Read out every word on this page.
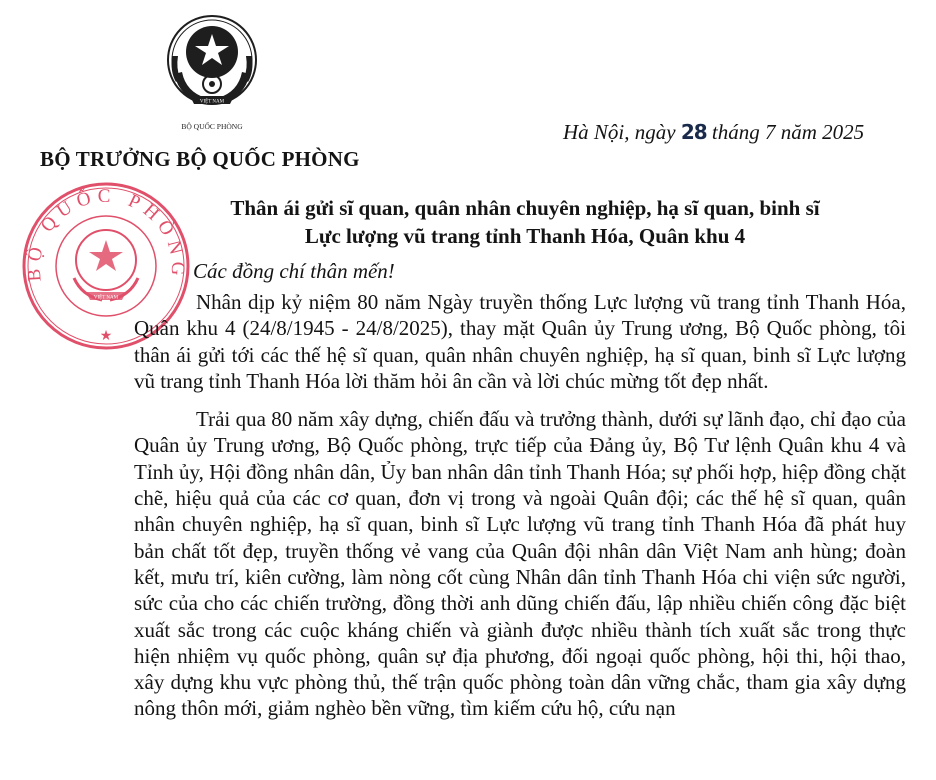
VIỆT NAM
BỘ QUỐC PHÒNG
BỘ QUỐC PHÒNG
★
VIỆT NAM
BỘ TRƯỞNG BỘ QUỐC PHÒNG
Hà Nội, ngày 28 tháng 7 năm 2025
Thân ái gửi sĩ quan, quân nhân chuyên nghiệp, hạ sĩ quan, binh sĩ
Lực lượng vũ trang tỉnh Thanh Hóa, Quân khu 4
Các đồng chí thân mến!

Nhân dịp kỷ niệm 80 năm Ngày truyền thống Lực lượng vũ trang tỉnh Thanh Hóa, Quân khu 4 (24/8/1945 - 24/8/2025), thay mặt Quân ủy Trung ương, Bộ Quốc phòng, tôi thân ái gửi tới các thế hệ sĩ quan, quân nhân chuyên nghiệp, hạ sĩ quan, binh sĩ Lực lượng vũ trang tỉnh Thanh Hóa lời thăm hỏi ân cần và lời chúc mừng tốt đẹp nhất.

Trải qua 80 năm xây dựng, chiến đấu và trưởng thành, dưới sự lãnh đạo, chỉ đạo của Quân ủy Trung ương, Bộ Quốc phòng, trực tiếp của Đảng ủy, Bộ Tư lệnh Quân khu 4 và Tỉnh ủy, Hội đồng nhân dân, Ủy ban nhân dân tỉnh Thanh Hóa; sự phối hợp, hiệp đồng chặt chẽ, hiệu quả của các cơ quan, đơn vị trong và ngoài Quân đội; các thế hệ sĩ quan, quân nhân chuyên nghiệp, hạ sĩ quan, binh sĩ Lực lượng vũ trang tỉnh Thanh Hóa đã phát huy bản chất tốt đẹp, truyền thống vẻ vang của Quân đội nhân dân Việt Nam anh hùng; đoàn kết, mưu trí, kiên cường, làm nòng cốt cùng Nhân dân tỉnh Thanh Hóa chi viện sức người, sức của cho các chiến trường, đồng thời anh dũng chiến đấu, lập nhiều chiến công đặc biệt xuất sắc trong các cuộc kháng chiến và giành được nhiều thành tích xuất sắc trong thực hiện nhiệm vụ quốc phòng, quân sự địa phương, đối ngoại quốc phòng, hội thi, hội thao, xây dựng khu vực phòng thủ, thế trận quốc phòng toàn dân vững chắc, tham gia xây dựng nông thôn mới, giảm nghèo bền vững, tìm kiếm cứu hộ, cứu nạn
